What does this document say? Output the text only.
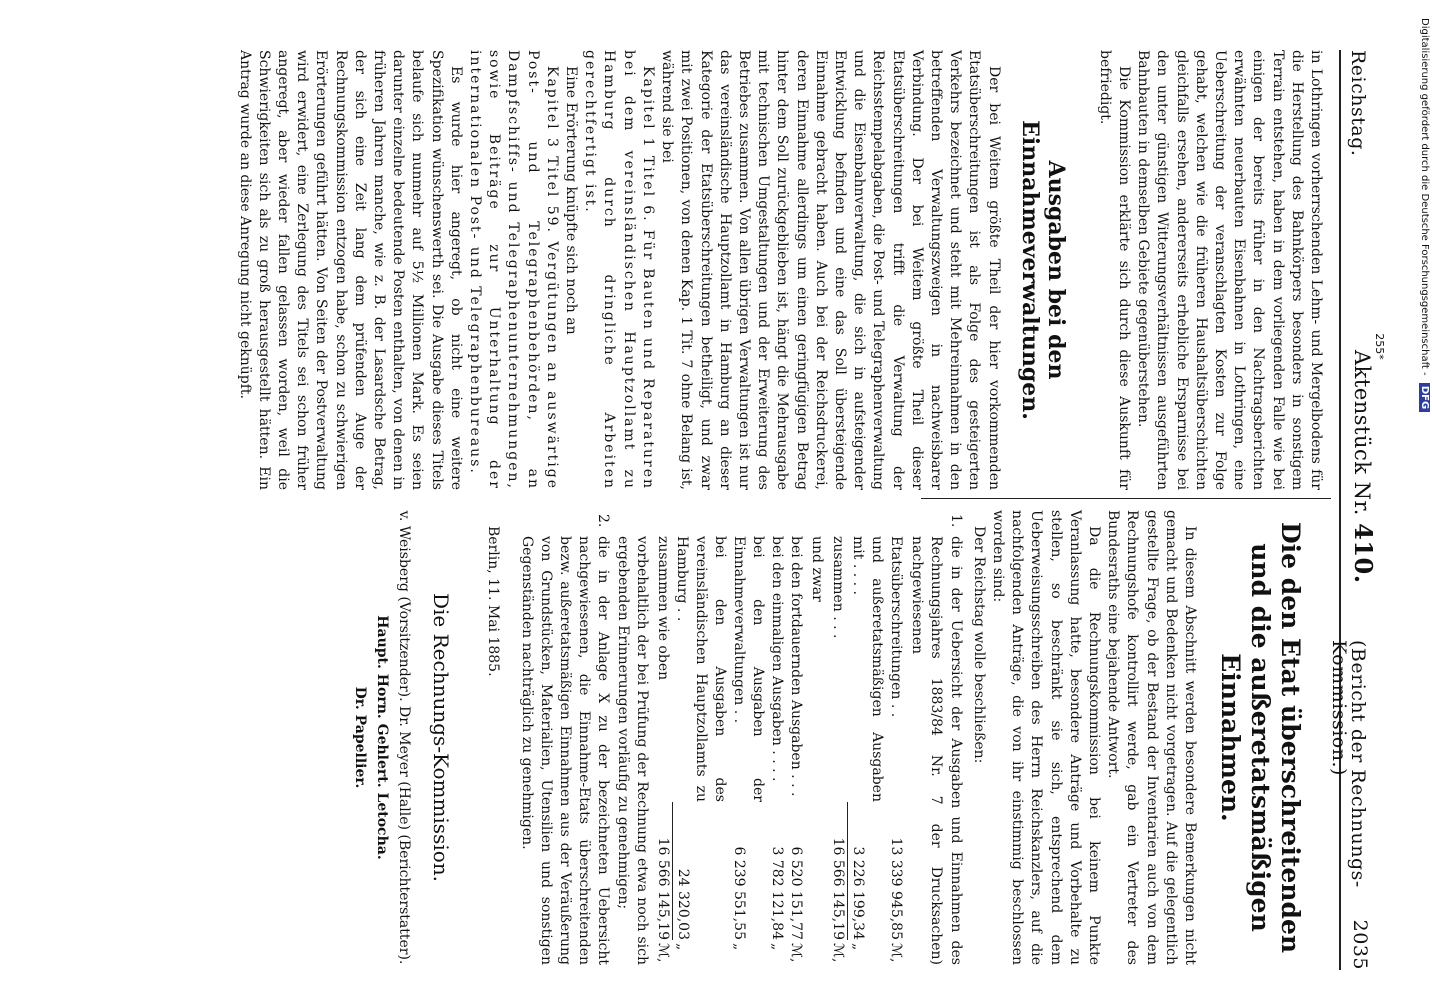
Reichstag.
Aktenstück Nr. 410.
(Bericht der Rechnungs-Kommission.)
2035

in Lothringen vorherrschenden Lehm- und Mergelbodens für die Herstellung des Bahnkörpers besonders in sonstigem Terrain entstehen, haben in dem vorliegenden Falle wie bei einigen der bereits früher in den Nachtragsberichten erwähnten neuerbauten Eisenbahnen in Lothringen, eine Ueberschreitung der veranschlagten Kosten zur Folge gehabt, welchen wie die früheren Haushaltsüberschichten gleichfalls ersehen, andererseits erhebliche Ersparnisse bei den unter günstigen Witterungsverhältnissen ausgeführten Bahnbauten in demselben Gebiete gegenüberstehen.

Die Kommission erklärte sich durch diese Auskunft für befriedigt.

Ausgaben bei den Einnahmeverwaltungen.

Der bei Weitem größte Theil der hier vorkommenden Etatsüberschreitungen ist als Folge des gesteigerten Verkehrs bezeichnet und steht mit Mehreinnahmen in den betreffenden Verwaltungszweigen in nachweisbarer Verbindung. Der bei Weitem größte Theil dieser Etatsüberschreitungen trifft die Verwaltung der Reichsstempelabgaben, die Post- und Telegraphenverwaltung und die Eisenbahnverwaltung, die sich in aufsteigender Entwicklung befinden und eine das Soll übersteigende Einnahme gebracht haben. Auch bei der Reichsdruckerei, deren Einnahme allerdings um einen geringfügigen Betrag hinter dem Soll zurückgeblieben ist, hängt die Mehrausgabe mit technischen Umgestaltungen und der Erweiterung des Betriebes zusammen. Von allen übrigen Verwaltungen ist nur das vereinsländische Hauptzollamt in Hamburg an dieser Kategorie der Etatsüberschreitungen betheiligt, und zwar mit zwei Positionen, von denen Kap. 1 Tit. 7 ohne Belang ist, während sie bei

Kapitel 1 Titel 6. Für Bauten und Reparaturen bei dem vereinsländischen Hauptzollamt zu Hamburg durch dringliche Arbeiten gerechtfertigt ist.

Eine Erörterung knüpfte sich noch an

Kapitel 3 Titel 59. Vergütungen an auswärtige Post- und Telegraphenbehörden, an Dampfschiffs- und Telegraphenunternehmungen, sowie Beiträge zur Unterhaltung der internationalen Post- und Telegraphenbureaus.

Es wurde hier angeregt, ob nicht eine weitere Spezifikation wünschenswerth sei. Die Ausgabe dieses Titels belaufe sich nunmehr auf 5½ Millionen Mark. Es seien darunter einzelne bedeutende Posten enthalten, von denen in früheren Jahren manche, wie z. B. der Lasardsche Betrag, der sich eine Zeit lang dem prüfenden Auge der Rechnungskommission entzogen habe, schon zu schwierigen Erörterungen geführt hätten. Von Seiten der Postverwaltung wird erwidert, eine Zerlegung des Titels sei schon früher angeregt, aber wieder fallen gelassen worden, weil die Schwierigkeiten sich als zu groß herausgestellt hätten. Ein Antrag wurde an diese Anregung nicht geknüpft.

Die den Etat überschreitenden und die außeretatsmäßigen Einnahmen.

In diesem Abschnitt werden besondere Bemerkungen nicht gemacht und Bedenken nicht vorgetragen. Auf die gelegentlich gestellte Frage, ob der Bestand der Inventarien auch von dem Rechnungshofe kontrollirt werde, gab ein Vertreter des Bundesraths eine bejahende Antwort.

Da die Rechnungskommission bei keinem Punkte Veranlassung hatte, besondere Anträge und Vorbehalte zu stellen, so beschränkt sie sich, entsprechend dem Ueberweisungsschreiben des Herrn Reichskanzlers, auf die nachfolgenden Anträge, die von ihr einstimmig beschlossen worden sind:

Der Reichstag wolle beschließen:

1.
die in der Uebersicht der Ausgaben und Einnahmen des Rechnungsjahres 1883/84 Nr. 7 der Drucksachen) nachgewiesenen
Etatsüberschreitungen . .	13 339 945,85	ℳ,
und außeretatsmäßigen Ausgaben mit . . . .	3 226 199,34	„
zusammen . . .	16 566 145,19	ℳ,
und zwar
bei den fortdauernden Ausgaben . . .	6 520 151,77	ℳ,
bei den einmaligen Ausgaben . . . .	3 782 121,84	„
bei den Ausgaben der Einnahmeverwaltungen . .	6 239 551,55	„
bei den Ausgaben des vereinsländischen Hauptzollamts zu Hamburg . .	24 320,03	„
zusammen wie oben	16 566 145,19	ℳ,
vorbehaltlich der bei Prüfung der Rechnung etwa noch sich ergebenden Erinnerungen vorläufig zu genehmigen;
2.
die in der Anlage X zu der bezeichneten Uebersicht nachgewiesenen, die Einnahme-Etats überschreitenden bezw. außeretatsmäßigen Einnahmen aus der Veräußerung von Grundstücken, Materialien, Utensilien und sonstigen Gegenständen nachträglich zu genehmigen.

Berlin, 11. Mai 1885.

Die Rechnungs-Kommission.
v. Weisberg (Vorsitzender). Dr. Meyer (Halle) (Berichterstatter).
Haupt. Horn. Gehlert. Letocha.
Dr. Papellier.
255*	Digitalisierung gefördert durch die Deutsche Forschungsgemeinschaft - DFG
